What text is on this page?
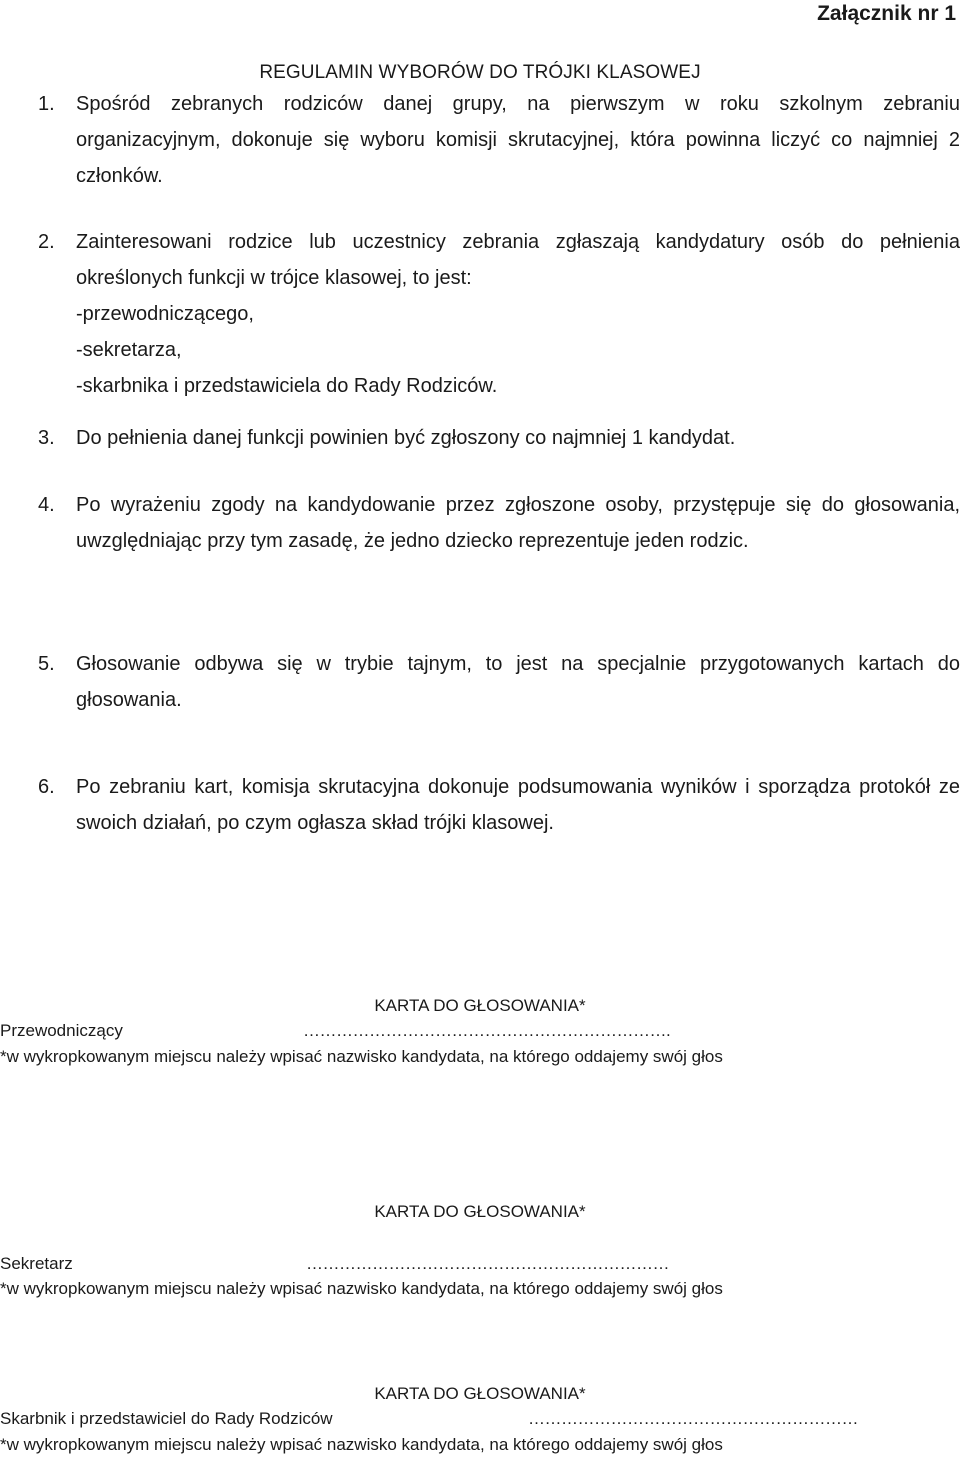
Załącznik nr 1
REGULAMIN WYBORÓW DO TRÓJKI KLASOWEJ
1. Spośród zebranych rodziców danej grupy, na pierwszym w roku szkolnym zebraniu organizacyjnym, dokonuje się wyboru komisji skrutacyjnej, która powinna liczyć co najmniej 2 członków.
2. Zainteresowani rodzice lub uczestnicy zebrania zgłaszają kandydatury osób do pełnienia określonych funkcji w trójce klasowej, to jest:
-przewodniczącego,
-sekretarza,
-skarbnika i przedstawiciela do Rady Rodziców.
3. Do pełnienia danej funkcji powinien być zgłoszony co najmniej 1 kandydat.
4. Po wyrażeniu zgody na kandydowanie przez zgłoszone osoby, przystępuje się do głosowania, uwzględniając przy tym zasadę, że jedno dziecko reprezentuje jeden rodzic.
5. Głosowanie odbywa się w trybie tajnym, to jest na specjalnie przygotowanych kartach do głosowania.
6. Po zebraniu kart, komisja skrutacyjna dokonuje podsumowania wyników i sporządza protokół ze swoich działań, po czym ogłasza skład trójki klasowej.
KARTA DO GŁOSOWANIA*
Przewodniczący	………………………………………………………….
*w wykropkowanym miejscu należy wpisać nazwisko kandydata, na którego oddajemy swój głos
KARTA DO GŁOSOWANIA*
Sekretarz	…………………………………………………………
*w wykropkowanym miejscu należy wpisać nazwisko kandydata, na którego oddajemy swój głos
KARTA DO GŁOSOWANIA*
Skarbnik i przedstawiciel do Rady Rodziców	……………………………………………………
*w wykropkowanym miejscu należy wpisać nazwisko kandydata, na którego oddajemy swój głos
